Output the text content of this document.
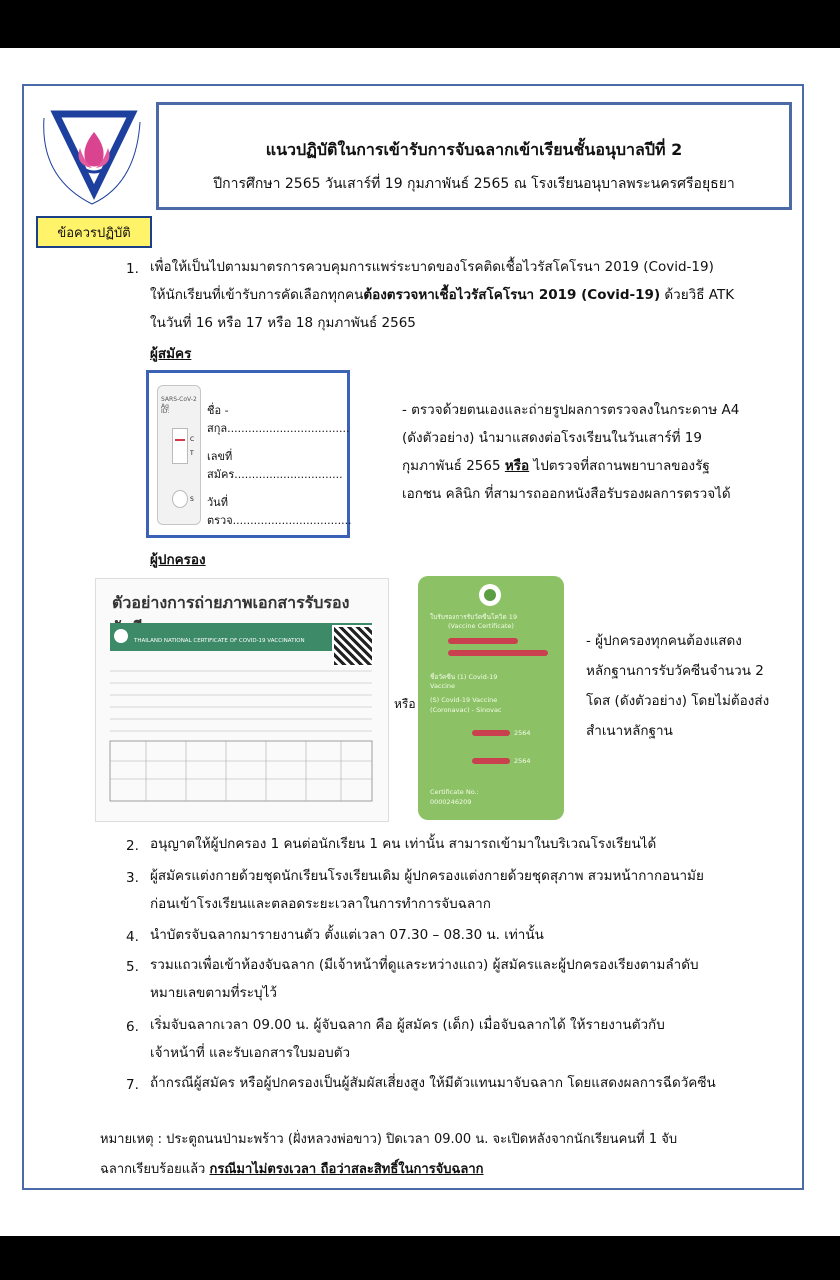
แนวปฏิบัติในการเข้ารับการจับฉลากเข้าเรียนชั้นอนุบาลปีที่ 2
ปีการศึกษา 2565 วันเสาร์ที่ 19 กุมภาพันธ์ 2565 ณ โรงเรียนอนุบาลพระนครศรีอยุธยา
ข้อควรปฏิบัติ
1. เพื่อให้เป็นไปตามมาตรการควบคุมการแพร่ระบาดของโรคติดเชื้อไวรัสโคโรนา 2019 (Covid-19)
ให้นักเรียนที่เข้ารับการคัดเลือกทุกคนต้องตรวจหาเชื้อไวรัสโคโรนา 2019 (Covid-19) ด้วยวิธี ATK
ในวันที่ 16 หรือ 17 หรือ 18 กุมภาพันธ์ 2565
ผู้สมัคร
SARS-CoV-2 Ag
ID:
C
T
S
ชื่อ - สกุล...................................
เลขที่สมัคร...............................
วันที่ตรวจ..................................
- ตรวจด้วยตนเองและถ่ายรูปผลการตรวจลงในกระดาษ A4
(ดังตัวอย่าง) นำมาแสดงต่อโรงเรียนในวันเสาร์ที่ 19
กุมภาพันธ์ 2565 หรือ ไปตรวจที่สถานพยาบาลของรัฐ
เอกชน คลินิก ที่สามารถออกหนังสือรับรองผลการตรวจได้
ผู้ปกครอง
ตัวอย่างการถ่ายภาพเอกสารรับรอง
THAILAND NATIONAL CERTIFICATE OF COVID-19 VACCINATION
หรือ
ใบรับรองการรับวัคซีนโควิด 19
(Vaccine Certificate)
ชื่อวัคซีน (1) Covid-19
Vaccine
(S) Covid-19 Vaccine
(Coronavac) - Sinovac
2564
2564
Certificate No.:
0000246209
- ผู้ปกครองทุกคนต้องแสดง
หลักฐานการรับวัคซีนจำนวน 2
โดส (ดังตัวอย่าง) โดยไม่ต้องส่ง
สำเนาหลักฐาน
2. อนุญาตให้ผู้ปกครอง 1 คนต่อนักเรียน 1 คน เท่านั้น สามารถเข้ามาในบริเวณโรงเรียนได้
3. ผู้สมัครแต่งกายด้วยชุดนักเรียนโรงเรียนเดิม ผู้ปกครองแต่งกายด้วยชุดสุภาพ สวมหน้ากากอนามัย
ก่อนเข้าโรงเรียนและตลอดระยะเวลาในการทำการจับฉลาก
4. นำบัตรจับฉลากมารายงานตัว ตั้งแต่เวลา 07.30 – 08.30 น. เท่านั้น
5. รวมแถวเพื่อเข้าห้องจับฉลาก (มีเจ้าหน้าที่ดูแลระหว่างแถว) ผู้สมัครและผู้ปกครองเรียงตามลำดับ
หมายเลขตามที่ระบุไว้
6. เริ่มจับฉลากเวลา 09.00 น. ผู้จับฉลาก คือ ผู้สมัคร (เด็ก) เมื่อจับฉลากได้ ให้รายงานตัวกับ
เจ้าหน้าที่ และรับเอกสารใบมอบตัว
7. ถ้ากรณีผู้สมัคร หรือผู้ปกครองเป็นผู้สัมผัสเสี่ยงสูง ให้มีตัวแทนมาจับฉลาก โดยแสดงผลการฉีดวัคซีน
หมายเหตุ : ประตูถนนป่ามะพร้าว (ฝั่งหลวงพ่อขาว) ปิดเวลา 09.00 น. จะเปิดหลังจากนักเรียนคนที่ 1 จับ
ฉลากเรียบร้อยแล้ว กรณีมาไม่ตรงเวลา ถือว่าสละสิทธิ์ในการจับฉลาก
